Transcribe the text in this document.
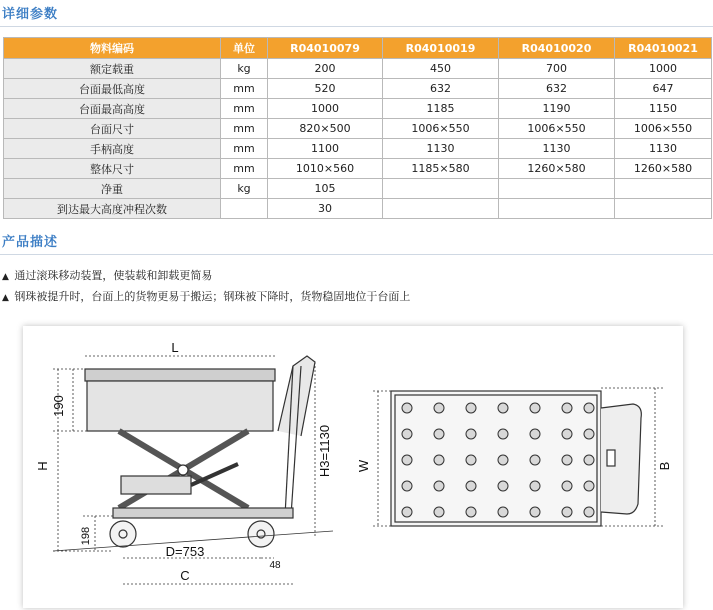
详细参数
物料编码	单位	R04010079	R04010019	R04010020	R04010021
额定载重	kg	200	450	700	1000
台面最低高度	mm	520	632	632	647
台面最高高度	mm	1000	1185	1190	1150
台面尺寸	mm	820×500	1006×550	1006×550	1006×550
手柄高度	mm	1100	1130	1130	1130
整体尺寸	mm	1010×560	1185×580	1260×580	1260×580
净重	kg	105			
到达最大高度冲程次数		30			
产品描述
▲ 通过滚珠移动装置，使装载和卸载更简易
▲ 钢珠被提升时，台面上的货物更易于搬运；钢珠被下降时，货物稳固地位于台面上
L
190
H
198
D=753
48
C
H3=1130 W	B
